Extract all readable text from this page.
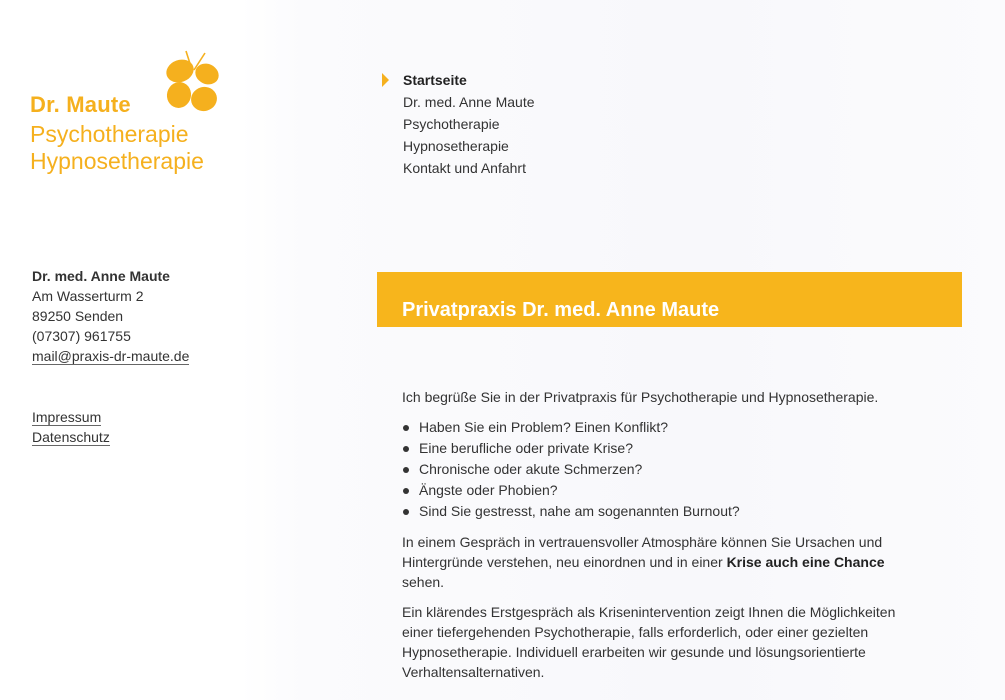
Dr. Maute
Psychotherapie
Hypnosetherapie
Startseite
Dr. med. Anne Maute
Psychotherapie
Hypnosetherapie
Kontakt und Anfahrt
Dr. med. Anne Maute
Am Wasserturm 2
89250 Senden
(07307) 961755
mail@praxis-dr-maute.de
Impressum
Datenschutz
Privatpraxis Dr. med. Anne Maute

Ich begrüße Sie in der Privatpraxis für Psychotherapie und Hypnosetherapie.

Haben Sie ein Problem? Einen Konflikt?
Eine berufliche oder private Krise?
Chronische oder akute Schmerzen?
Ängste oder Phobien?
Sind Sie gestresst, nahe am sogenannten Burnout?

In einem Gespräch in vertrauensvoller Atmosphäre können Sie Ursachen und Hintergründe verstehen, neu einordnen und in einer Krise auch eine Chance sehen.

Ein klärendes Erstgespräch als Krisenintervention zeigt Ihnen die Möglichkeiten einer tiefergehenden Psychotherapie, falls erforderlich, oder einer gezielten Hypnosetherapie. Individuell erarbeiten wir gesunde und lösungsorientierte Verhaltensalternativen.
